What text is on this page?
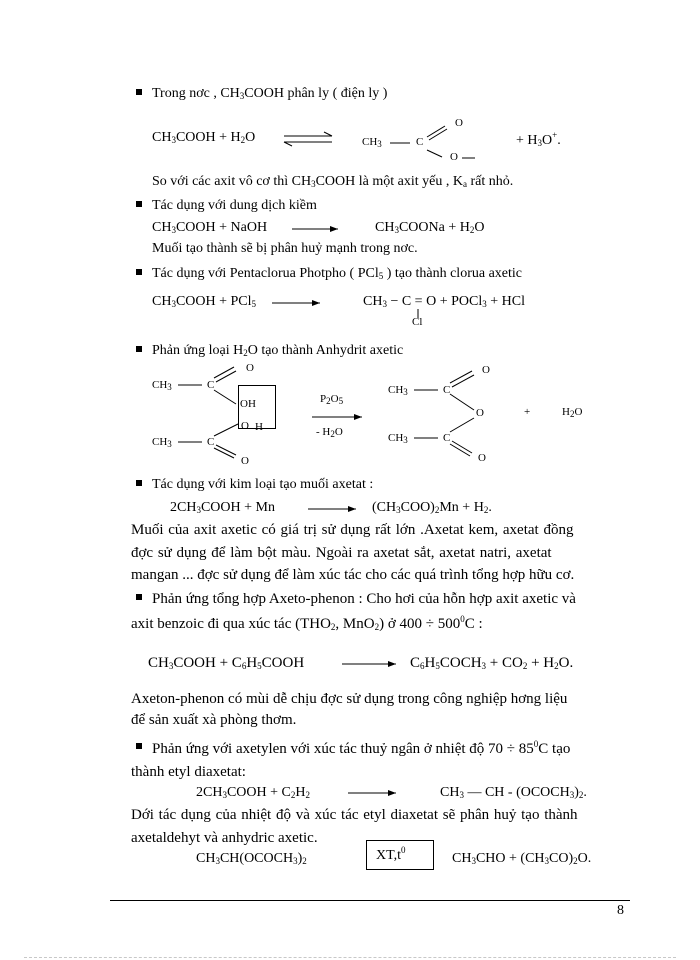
Trong nơc , $CH_3COOH$ phân ly ( điện ly )
$CH_3COOH + H_2O$	$CH_3$	C
O
O
+ $H_3O^+$.
So với các axit vô cơ thì $CH_3COOH$ là một axit yếu , $K_a$ rất nhỏ.
Tác dụng với dung dịch kiềm
$CH_3COOH$ + NaOH	$CH_3COONa + H_2O$
Muối tạo thành sẽ bị phân huỷ mạnh trong nơc.
Tác dụng với Pentaclorua Photpho ( PCl$_5$ ) tạo thành clorua axetic
$CH_3COOH + PCl_5$ →	$CH_3 - C = O$ + POCl$_3$ + HCl
Cl
Phản ứng loại $H_2O$ tạo thành Anhydrit axetic
$CH_3$	C
O
$CH_3$	C
O
O
OH
H
$P_2O_5$
- $H_2O$
$CH_3$	C
O
O
$CH_3$	C
O
+	$H_2O$
Tác dụng với kim loại tạo muối axetat :
$2CH_3COOH + Mn \to (CH_3COO)_2Mn + H_2$.
Muối của axit axetic có giá trị sử dụng rất lớn .Axetat kem, axetat đồng
đợc sử dụng để làm bột màu. Ngoài ra axetat sắt, axetat natri, axetat
mangan ... đợc sử dụng để làm xúc tác cho các quá trình tổng hợp hữu cơ.
Phản ứng tổng hợp Axeto-phenon : Cho hơi của hỗn hợp axit axetic và
axit benzoic đi qua xúc tác ($THO_2$, MnO$_2$) ở $400 \div 500^0C$ :
$CH_3COOH$ + $C_6H_5COOH$	→ $C_6H_5COCH_3 + CO_2 + H_2O$.
Axeton-phenon có mùi dễ chịu đợc sử dụng trong công nghiệp hơng liệu
để sản xuất xà phòng thơm.
Phản ứng với axetylen với xúc tác thuỷ ngân ở nhiệt độ $70 \div 85^0C$ tạo
thành etyl diaxetat:
$2CH_3COOH + C_2H_2$	$CH_3$ — CH - $(OCOCH_3)_2$.
Dới tác dụng của nhiệt độ và xúc tác etyl diaxetat sẽ phân huỷ tạo thành
axetaldehyt và anhydric axetic.
$CH_3CH(OCOCH_3)_2$	$XT,t^0$
$CH_3CHO + (CH_3CO)_2O$.
8
